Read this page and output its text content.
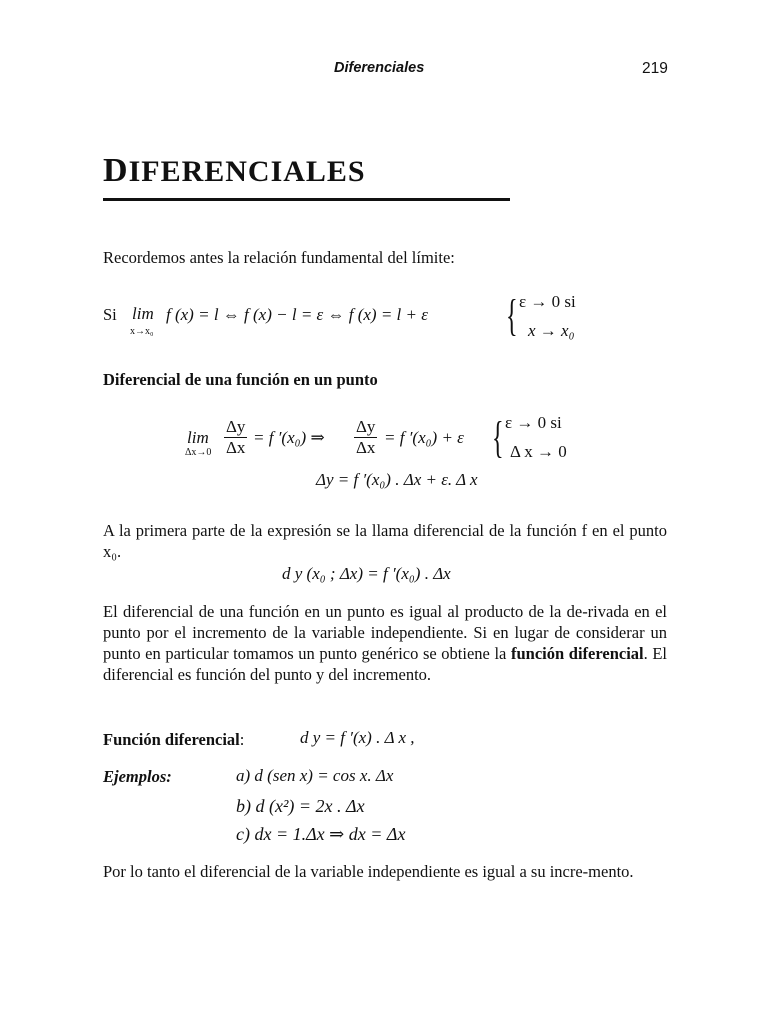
Diferenciales	219
DIFERENCIALES
Recordemos antes la relación fundamental del límite:
Si lim
x→x₀
f (x) = l ⇔ f (x) − l = ε ⇔ f (x) = l + ε { ε → 0 si
x → x₀
Diferencial de una función en un punto
lim
$\Delta x\to 0 \frac{\Delta y}{\Delta x} = f$ ′(x₀) ⇒ $\frac{\Delta y}{\Delta x} = f$ ′(x₀) + ε { ε → 0 si
Δ x → 0
Δy = f ′(x₀) . Δx + ε. Δ x
A la primera parte de la expresión se la llama diferencial de la función f en el punto x₀.
d y (x₀ ; Δx) = f ′(x₀) . Δx
El diferencial de una función en un punto es igual al producto de la de-rivada en el punto por el incremento de la variable independiente. Si en lugar de considerar un punto en particular tomamos un punto genérico se obtiene la función diferencial. El diferencial es función del punto y del incremento.
Función diferencial:	d y = f ′(x) . Δ x ,
Ejemplos:	a) d (sen x) = cos x. Δx
b) d (x²) = 2x . Δx
c) dx = 1.Δx ⇒ dx = Δx
Por lo tanto el diferencial de la variable independiente es igual a su incre-mento.
